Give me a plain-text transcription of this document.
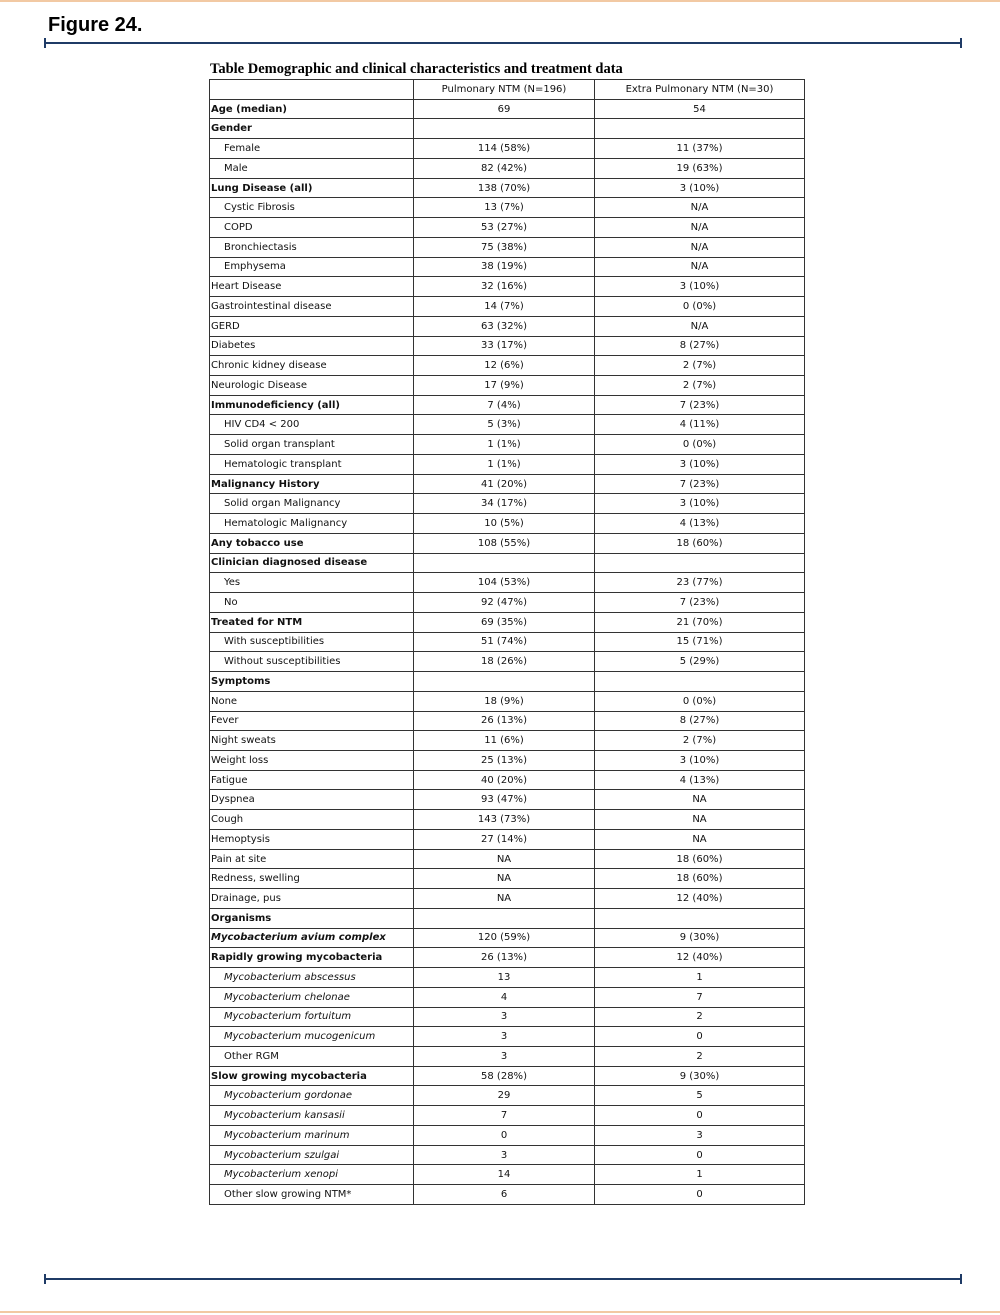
Figure 24.
Table Demographic and clinical characteristics and treatment data
	Pulmonary NTM (N=196)	Extra Pulmonary NTM (N=30)
Age (median)	69	54
Gender		
Female	114 (58%)	11 (37%)
Male	82 (42%)	19 (63%)
Lung Disease (all)	138 (70%)	3 (10%)
Cystic Fibrosis	13 (7%)	N/A
COPD	53 (27%)	N/A
Bronchiectasis	75 (38%)	N/A
Emphysema	38 (19%)	N/A
Heart Disease	32 (16%)	3 (10%)
Gastrointestinal disease	14 (7%)	0 (0%)
GERD	63 (32%)	N/A
Diabetes	33 (17%)	8 (27%)
Chronic kidney disease	12 (6%)	2 (7%)
Neurologic Disease	17 (9%)	2 (7%)
Immunodeficiency (all)	7 (4%)	7 (23%)
HIV CD4 < 200	5 (3%)	4 (11%)
Solid organ transplant	1 (1%)	0 (0%)
Hematologic transplant	1 (1%)	3 (10%)
Malignancy History	41 (20%)	7 (23%)
Solid organ Malignancy	34 (17%)	3 (10%)
Hematologic Malignancy	10 (5%)	4 (13%)
Any tobacco use	108 (55%)	18 (60%)
Clinician diagnosed disease		
Yes	104 (53%)	23 (77%)
No	92 (47%)	7 (23%)
Treated for NTM	69 (35%)	21 (70%)
With susceptibilities	51 (74%)	15 (71%)
Without susceptibilities	18 (26%)	5 (29%)
Symptoms		
None	18 (9%)	0 (0%)
Fever	26 (13%)	8 (27%)
Night sweats	11 (6%)	2 (7%)
Weight loss	25 (13%)	3 (10%)
Fatigue	40 (20%)	4 (13%)
Dyspnea	93 (47%)	NA
Cough	143 (73%)	NA
Hemoptysis	27 (14%)	NA
Pain at site	NA	18 (60%)
Redness, swelling	NA	18 (60%)
Drainage, pus	NA	12 (40%)
Organisms		
Mycobacterium avium complex	120 (59%)	9 (30%)
Rapidly growing mycobacteria	26 (13%)	12 (40%)
Mycobacterium abscessus	13	1
Mycobacterium chelonae	4	7
Mycobacterium fortuitum	3	2
Mycobacterium mucogenicum	3	0
Other RGM	3	2
Slow growing mycobacteria	58 (28%)	9 (30%)
Mycobacterium gordonae	29	5
Mycobacterium kansasii	7	0
Mycobacterium marinum	0	3
Mycobacterium szulgai	3	0
Mycobacterium xenopi	14	1
Other slow growing NTM*	6	0
